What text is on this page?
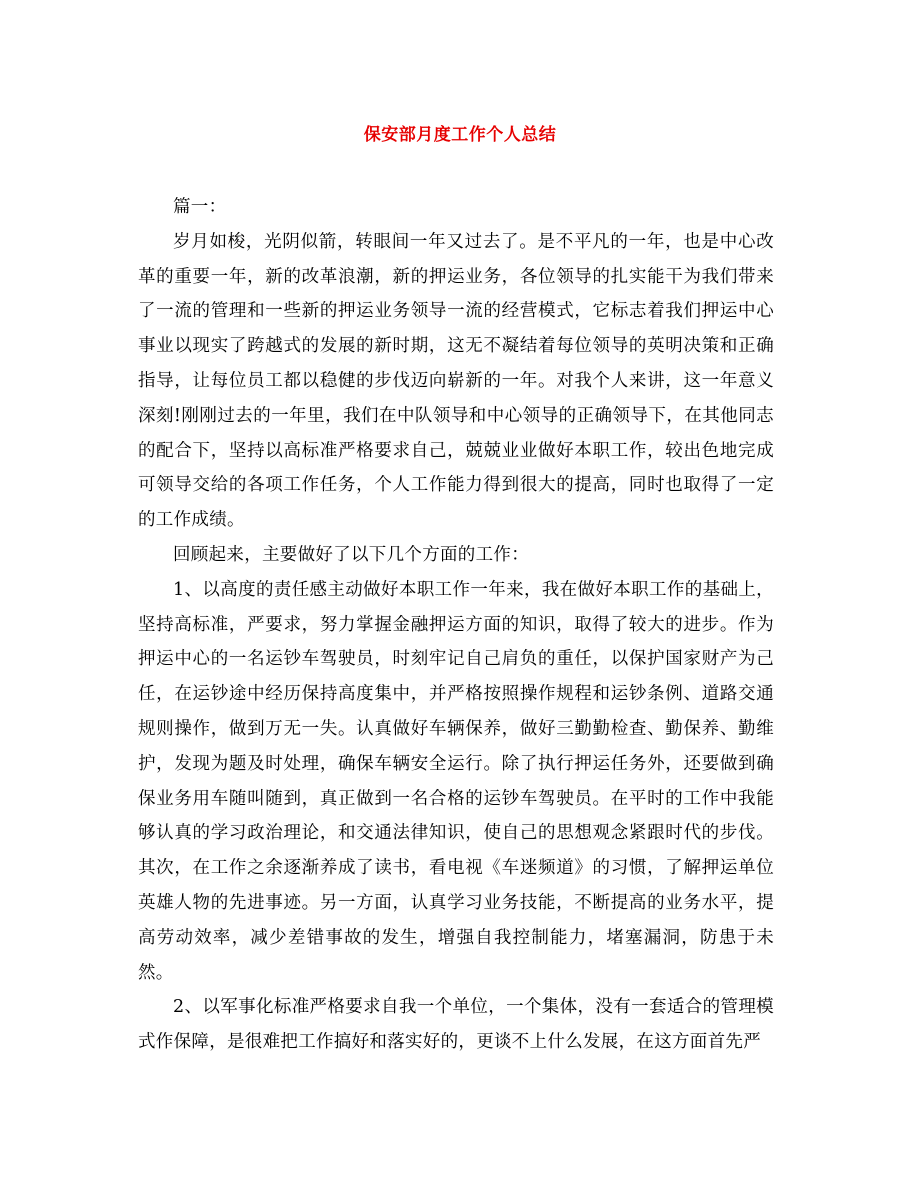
保安部月度工作个人总结

篇一：

岁月如梭，光阴似箭，转眼间一年又过去了。是不平凡的一年，也是中心改革的重要一年，新的改革浪潮，新的押运业务，各位领导的扎实能干为我们带来了一流的管理和一些新的押运业务领导一流的经营模式，它标志着我们押运中心事业以现实了跨越式的发展的新时期，这无不凝结着每位领导的英明决策和正确指导，让每位员工都以稳健的步伐迈向崭新的一年。对我个人来讲，这一年意义深刻!刚刚过去的一年里，我们在中队领导和中心领导的正确领导下，在其他同志的配合下，坚持以高标准严格要求自己，兢兢业业做好本职工作，较出色地完成可领导交给的各项工作任务，个人工作能力得到很大的提高，同时也取得了一定的工作成绩。

回顾起来，主要做好了以下几个方面的工作：

1、以高度的责任感主动做好本职工作一年来，我在做好本职工作的基础上，坚持高标准，严要求，努力掌握金融押运方面的知识，取得了较大的进步。作为押运中心的一名运钞车驾驶员，时刻牢记自己肩负的重任，以保护国家财产为己任，在运钞途中经历保持高度集中，并严格按照操作规程和运钞条例、道路交通规则操作，做到万无一失。认真做好车辆保养，做好三勤勤检查、勤保养、勤维护，发现为题及时处理，确保车辆安全运行。除了执行押运任务外，还要做到确保业务用车随叫随到，真正做到一名合格的运钞车驾驶员。在平时的工作中我能够认真的学习政治理论，和交通法律知识，使自己的思想观念紧跟时代的步伐。其次，在工作之余逐渐养成了读书，看电视《车迷频道》的习惯，了解押运单位英雄人物的先进事迹。另一方面，认真学习业务技能，不断提高的业务水平，提高劳动效率，减少差错事故的发生，增强自我控制能力，堵塞漏洞，防患于未然。

2、以军事化标准严格要求自我一个单位，一个集体，没有一套适合的管理模式作保障，是很难把工作搞好和落实好的，更谈不上什么发展，在这方面首先严
